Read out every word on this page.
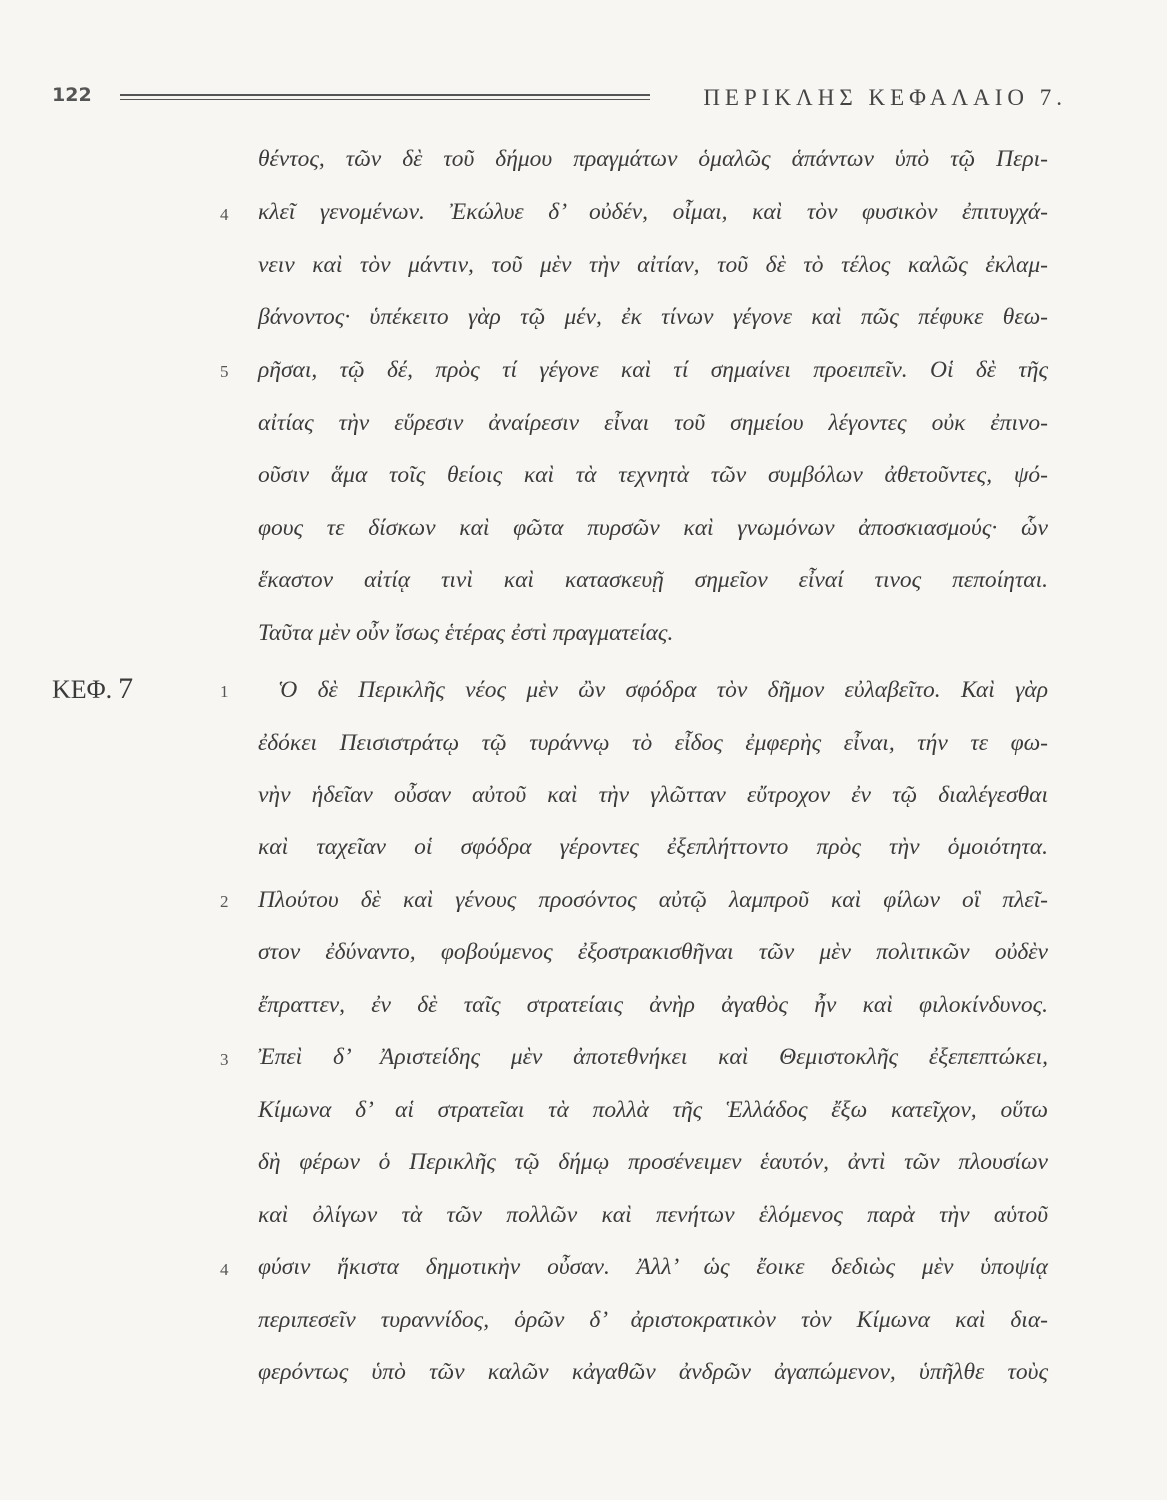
122	ΠΕΡΙΚΛΗΣ ΚΕΦΑΛΑΙΟ 7.
ΚΕΦ. 7
4
5
1
2
3
4
θέντος, τῶν δὲ τοῦ δήμου πραγμάτων ὁμαλῶς ἁπάντων ὑπὸ τῷ Περι-
κλεῖ γενομένων. Ἐκώλυε δ’ οὐδέν, οἶμαι, καὶ τὸν φυσικὸν ἐπιτυγχά-
νειν καὶ τὸν μάντιν, τοῦ μὲν τὴν αἰτίαν, τοῦ δὲ τὸ τέλος καλῶς ἐκλαμ-
βάνοντος· ὑπέκειτο γὰρ τῷ μέν, ἐκ τίνων γέγονε καὶ πῶς πέφυκε θεω-
ρῆσαι, τῷ δέ, πρὸς τί γέγονε καὶ τί σημαίνει προειπεῖν. Οἱ δὲ τῆς
αἰτίας τὴν εὕρεσιν ἀναίρεσιν εἶναι τοῦ σημείου λέγοντες οὐκ ἐπινο-
οῦσιν ἅμα τοῖς θείοις καὶ τὰ τεχνητὰ τῶν συμβόλων ἀθετοῦντες, ψό-
φους τε δίσκων καὶ φῶτα πυρσῶν καὶ γνωμόνων ἀποσκιασμούς· ὧν
ἕκαστον αἰτίᾳ τινὶ καὶ κατασκευῇ σημεῖον εἶναί τινος πεποίηται.
Ταῦτα μὲν οὖν ἴσως ἑτέρας ἐστὶ πραγματείας.
Ὁ δὲ Περικλῆς νέος μὲν ὢν σφόδρα τὸν δῆμον εὐλαβεῖτο. Καὶ γὰρ
ἐδόκει Πεισιστράτῳ τῷ τυράννῳ τὸ εἶδος ἐμφερὴς εἶναι, τήν τε φω-
νὴν ἡδεῖαν οὖσαν αὐτοῦ καὶ τὴν γλῶτταν εὔτροχον ἐν τῷ διαλέγεσθαι
καὶ ταχεῖαν οἱ σφόδρα γέροντες ἐξεπλήττοντο πρὸς τὴν ὁμοιότητα.
Πλούτου δὲ καὶ γένους προσόντος αὐτῷ λαμπροῦ καὶ φίλων οἳ πλεῖ-
στον ἐδύναντο, φοβούμενος ἐξοστρακισθῆναι τῶν μὲν πολιτικῶν οὐδὲν
ἔπραττεν, ἐν δὲ ταῖς στρατείαις ἀνὴρ ἀγαθὸς ἦν καὶ φιλοκίνδυνος.
Ἐπεὶ δ’ Ἀριστείδης μὲν ἀποτεθνήκει καὶ Θεμιστοκλῆς ἐξεπεπτώκει,
Κίμωνα δ’ αἱ στρατεῖαι τὰ πολλὰ τῆς Ἑλλάδος ἔξω κατεῖχον, οὕτω
δὴ φέρων ὁ Περικλῆς τῷ δήμῳ προσένειμεν ἑαυτόν, ἀντὶ τῶν πλουσίων
καὶ ὀλίγων τὰ τῶν πολλῶν καὶ πενήτων ἑλόμενος παρὰ τὴν αὑτοῦ
φύσιν ἥκιστα δημοτικὴν οὖσαν. Ἀλλ’ ὡς ἔοικε δεδιὼς μὲν ὑποψίᾳ
περιπεσεῖν τυραννίδος, ὁρῶν δ’ ἀριστοκρατικὸν τὸν Κίμωνα καὶ δια-
φερόντως ὑπὸ τῶν καλῶν κἀγαθῶν ἀνδρῶν ἀγαπώμενον, ὑπῆλθε τοὺς
